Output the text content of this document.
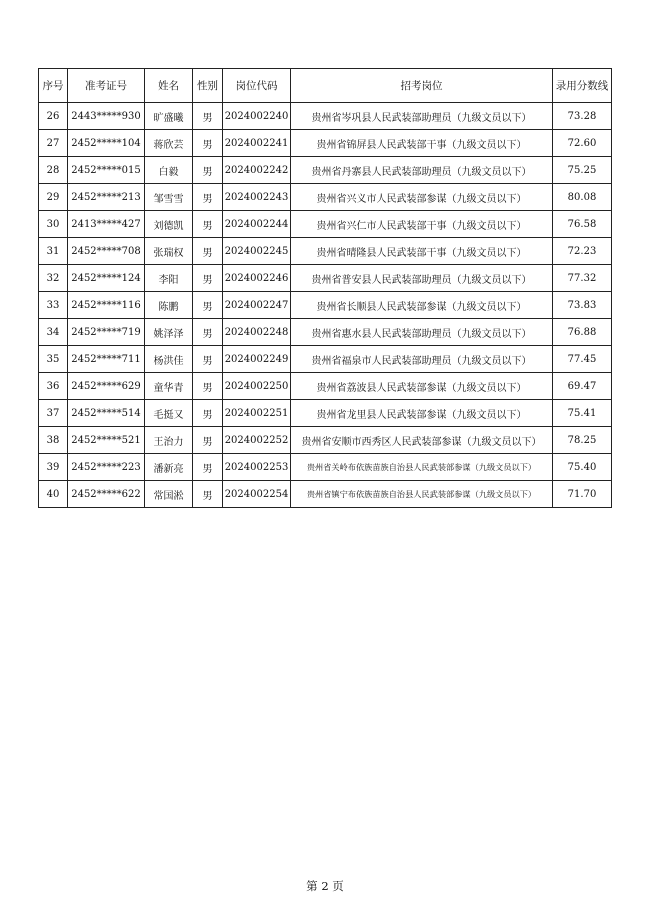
序号	准考证号	姓名	性别	岗位代码	招考岗位	录用分数线
26	2443*****930	旷盛曦	男	2024002240	贵州省岑巩县人民武装部助理员（九级文员以下）	73.28
27	2452*****104	蒋欣芸	男	2024002241	贵州省锦屏县人民武装部干事（九级文员以下）	72.60
28	2452*****015	白毅	男	2024002242	贵州省丹寨县人民武装部助理员（九级文员以下）	75.25
29	2452*****213	邹雪雪	男	2024002243	贵州省兴义市人民武装部参谋（九级文员以下）	80.08
30	2413*****427	刘德凯	男	2024002244	贵州省兴仁市人民武装部干事（九级文员以下）	76.58
31	2452*****708	张瑞权	男	2024002245	贵州省晴隆县人民武装部干事（九级文员以下）	72.23
32	2452*****124	李阳	男	2024002246	贵州省普安县人民武装部助理员（九级文员以下）	77.32
33	2452*****116	陈鹏	男	2024002247	贵州省长顺县人民武装部参谋（九级文员以下）	73.83
34	2452*****719	姚泽泽	男	2024002248	贵州省惠水县人民武装部助理员（九级文员以下）	76.88
35	2452*****711	杨洪佳	男	2024002249	贵州省福泉市人民武装部助理员（九级文员以下）	77.45
36	2452*****629	童华青	男	2024002250	贵州省荔波县人民武装部参谋（九级文员以下）	69.47
37	2452*****514	毛挺又	男	2024002251	贵州省龙里县人民武装部参谋（九级文员以下）	75.41
38	2452*****521	王治力	男	2024002252	贵州省安顺市西秀区人民武装部参谋（九级文员以下）	78.25
39	2452*****223	潘新亮	男	2024002253	贵州省关岭布依族苗族自治县人民武装部参谋（九级文员以下）	75.40
40	2452*****622	常国淞	男	2024002254	贵州省镇宁布依族苗族自治县人民武装部参谋（九级文员以下）	71.70
第 2 页
